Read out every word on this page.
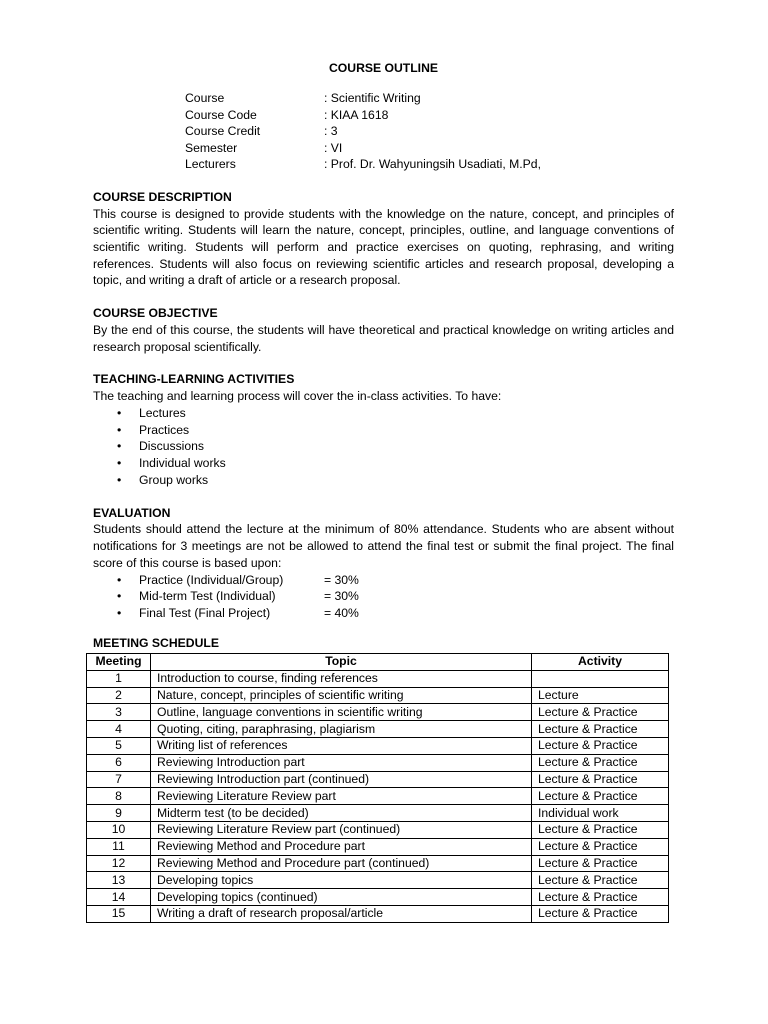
COURSE OUTLINE
Course	: Scientific Writing
Course Code	: KIAA 1618
Course Credit	: 3
Semester	: VI
Lecturers	: Prof. Dr. Wahyuningsih Usadiati, M.Pd,
COURSE DESCRIPTION

This course is designed to provide students with the knowledge on the nature, concept, and principles of scientific writing. Students will learn the nature, concept, principles, outline, and language conventions of scientific writing. Students will perform and practice exercises on quoting, rephrasing, and writing references. Students will also focus on reviewing scientific articles and research proposal, developing a topic, and writing a draft of article or a research proposal.

COURSE OBJECTIVE

By the end of this course, the students will have theoretical and practical knowledge on writing articles and research proposal scientifically.

TEACHING-LEARNING ACTIVITIES
The teaching and learning process will cover the in-class activities. To have:
• Lectures
• Practices
• Discussions
• Individual works
• Group works
EVALUATION

Students should attend the lecture at the minimum of 80% attendance. Students who are absent without notifications for 3 meetings are not be allowed to attend the final test or submit the final project. The final score of this course is based upon:

• Practice (Individual/Group)	= 30%
• Mid-term Test (Individual)	= 30%
• Final Test (Final Project)	= 40%
MEETING SCHEDULE
Meeting	Topic	Activity
1	Introduction to course, finding references	
2	Nature, concept, principles of scientific writing	Lecture
3	Outline, language conventions in scientific writing	Lecture & Practice
4	Quoting, citing, paraphrasing, plagiarism	Lecture & Practice
5	Writing list of references	Lecture & Practice
6	Reviewing Introduction part	Lecture & Practice
7	Reviewing Introduction part (continued)	Lecture & Practice
8	Reviewing Literature Review part	Lecture & Practice
9	Midterm test (to be decided)	Individual work
10	Reviewing Literature Review part (continued)	Lecture & Practice
11	Reviewing Method and Procedure part	Lecture & Practice
12	Reviewing Method and Procedure part (continued)	Lecture & Practice
13	Developing topics	Lecture & Practice
14	Developing topics (continued)	Lecture & Practice
15	Writing a draft of research proposal/article	Lecture & Practice
